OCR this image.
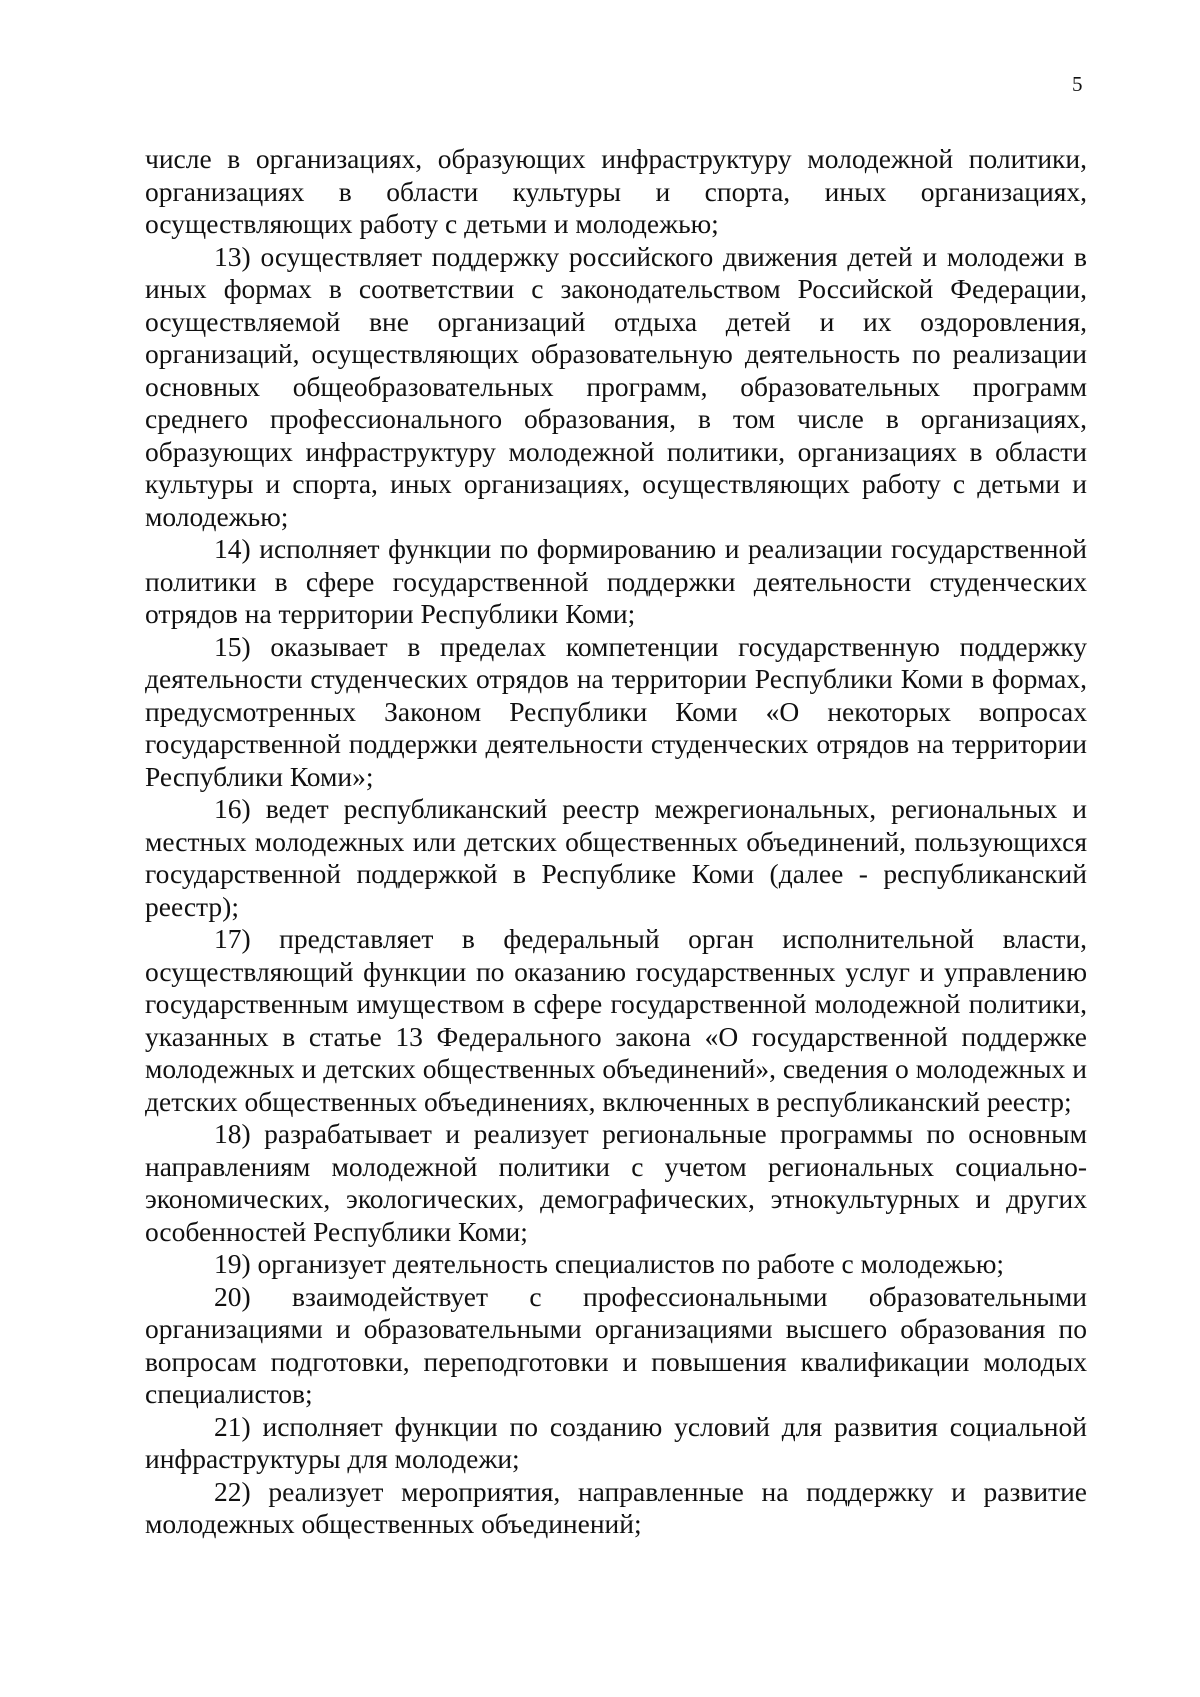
5

числе в организациях, образующих инфраструктуру молодежной политики, организациях в области культуры и спорта, иных организациях, осуществляющих работу с детьми и молодежью;

13) осуществляет поддержку российского движения детей и молодежи в иных формах в соответствии с законодательством Российской Федерации, осуществляемой вне организаций отдыха детей и их оздоровления, организаций, осуществляющих образовательную деятельность по реализации основных общеобразовательных программ, образовательных программ среднего профессионального образования, в том числе в организациях, образующих инфраструктуру молодежной политики, организациях в области культуры и спорта, иных организациях, осуществляющих работу с детьми и молодежью;

14) исполняет функции по формированию и реализации государственной политики в сфере государственной поддержки деятельности студенческих отрядов на территории Республики Коми;

15) оказывает в пределах компетенции государственную поддержку деятельности студенческих отрядов на территории Республики Коми в формах, предусмотренных Законом Республики Коми «О некоторых вопросах государственной поддержки деятельности студенческих отрядов на территории Республики Коми»;

16) ведет республиканский реестр межрегиональных, региональных и местных молодежных или детских общественных объединений, пользующихся государственной поддержкой в Республике Коми (далее - республиканский реестр);

17) представляет в федеральный орган исполнительной власти, осуществляющий функции по оказанию государственных услуг и управлению государственным имуществом в сфере государственной молодежной политики, указанных в статье 13 Федерального закона «О государственной поддержке молодежных и детских общественных объединений», сведения о молодежных и детских общественных объединениях, включенных в республиканский реестр;

18) разрабатывает и реализует региональные программы по основным направлениям молодежной политики с учетом региональных социально-экономических, экологических, демографических, этнокультурных и других особенностей Республики Коми;

19) организует деятельность специалистов по работе с молодежью;

20) взаимодействует с профессиональными образовательными организациями и образовательными организациями высшего образования по вопросам подготовки, переподготовки и повышения квалификации молодых специалистов;

21) исполняет функции по созданию условий для развития социальной инфраструктуры для молодежи;

22) реализует мероприятия, направленные на поддержку и развитие молодежных общественных объединений;
